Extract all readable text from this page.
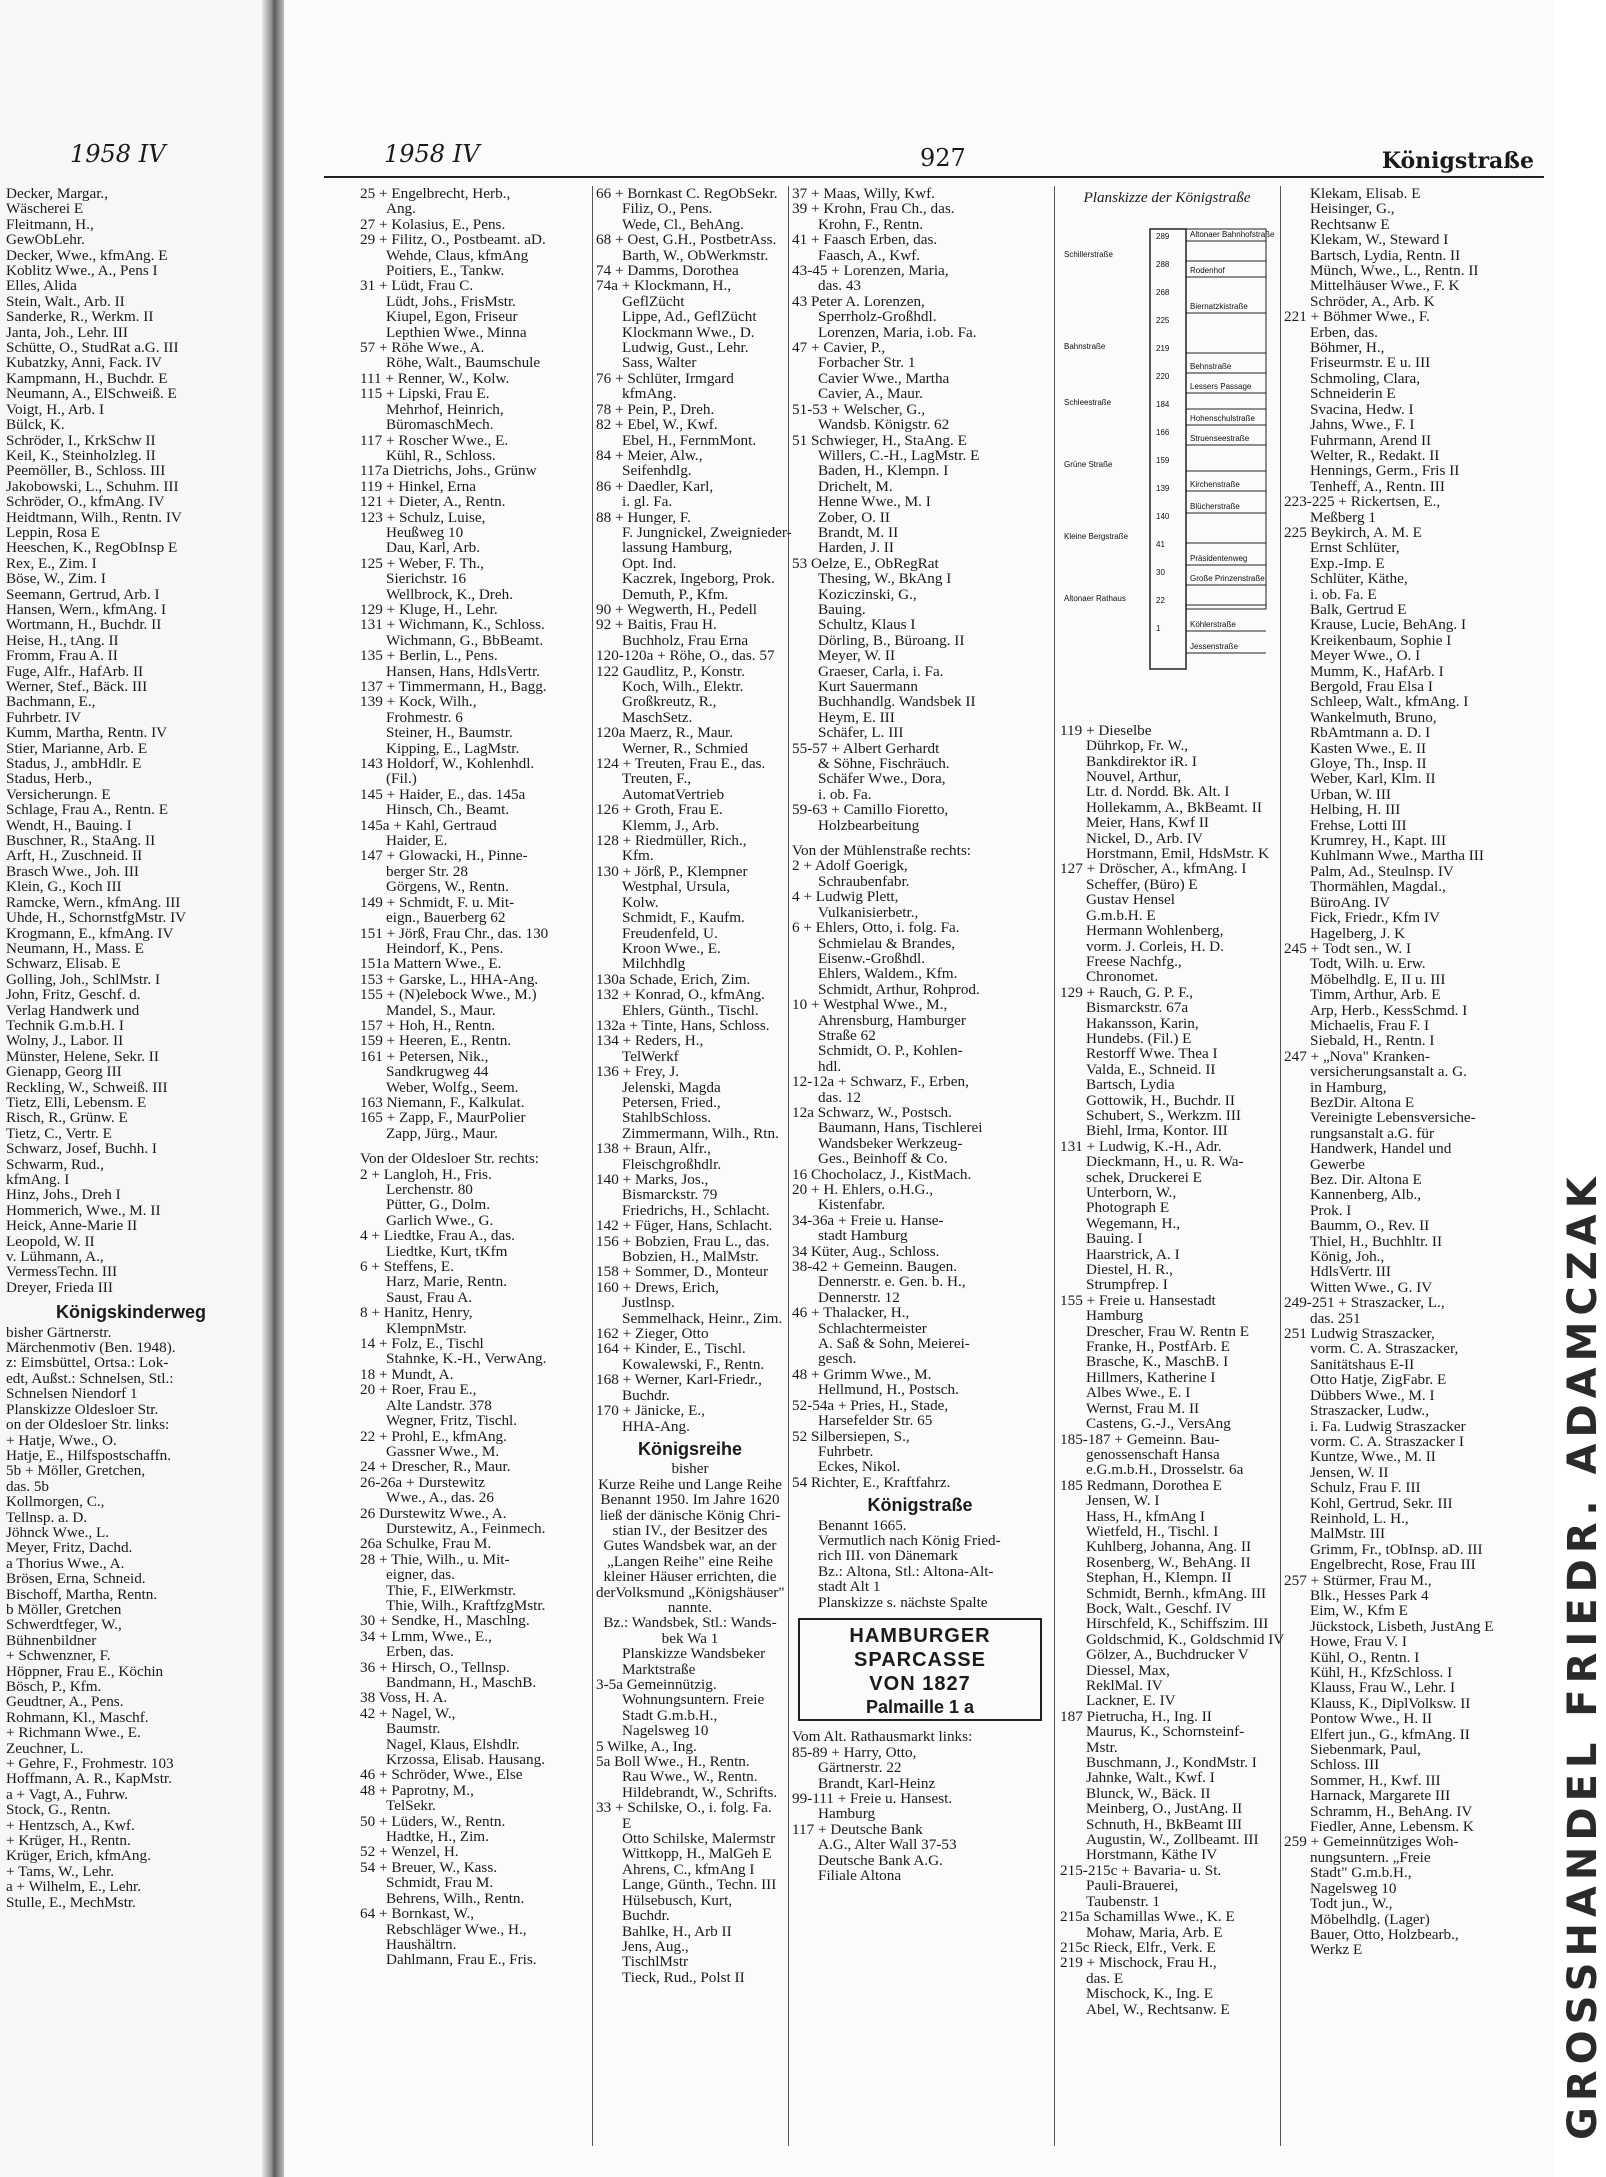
1958 IV
Decker, Margar.,
Wäscherei E
Fleitmann, H.,
GewObLehr.
Decker, Wwe., kfmAng. E
Koblitz Wwe., A., Pens I
Elles, Alida
Stein, Walt., Arb. II
Sanderke, R., Werkm. II
Janta, Joh., Lehr. III
Schütte, O., StudRat a.G. III
Kubatzky, Anni, Fack. IV
Kampmann, H., Buchdr. E
Neumann, A., ElSchweiß. E
Voigt, H., Arb. I
Bülck, K.
Schröder, I., KrkSchw II
Keil, K., Steinholzleg. II
Peemöller, B., Schloss. III
Jakobowski, L., Schuhm. III
Schröder, O., kfmAng. IV
Heidtmann, Wilh., Rentn. IV
Leppin, Rosa E
Heeschen, K., RegObInsp E
Rex, E., Zim. I
Böse, W., Zim. I
Seemann, Gertrud, Arb. I
Hansen, Wern., kfmAng. I
Wortmann, H., Buchdr. II
Heise, H., tAng. II
Fromm, Frau A. II
Fuge, Alfr., HafArb. II
Werner, Stef., Bäck. III
Bachmann, E.,
Fuhrbetr. IV
Kumm, Martha, Rentn. IV
Stier, Marianne, Arb. E
Stadus, J., ambHdlr. E
Stadus, Herb.,
Versicherungn. E
Schlage, Frau A., Rentn. E
Wendt, H., Bauing. I
Buschner, R., StaAng. II
Arft, H., Zuschneid. II
Brasch Wwe., Joh. III
Klein, G., Koch III
Ramcke, Wern., kfmAng. III
Uhde, H., SchornstfgMstr. IV
Krogmann, E., kfmAng. IV
Neumann, H., Mass. E
Schwarz, Elisab. E
Golling, Joh., SchlMstr. I
John, Fritz, Geschf. d.
Verlag Handwerk und
Technik G.m.b.H. I
Wolny, J., Labor. II
Münster, Helene, Sekr. II
Gienapp, Georg III
Reckling, W., Schweiß. III
Tietz, Elli, Lebensm. E
Risch, R., Grünw. E
Tietz, C., Vertr. E
Schwarz, Josef, Buchh. I
Schwarm, Rud.,
kfmAng. I
Hinz, Johs., Dreh I
Hommerich, Wwe., M. II
Heick, Anne-Marie II
Leopold, W. II
v. Lühmann, A.,
VermessTechn. III
Dreyer, Frieda III
Königskinderweg
bisher Gärtnerstr.
Märchenmotiv (Ben. 1948).
z: Eimsbüttel, Ortsa.: Lok-
edt, Außst.: Schnelsen, Stl.:
Schnelsen Niendorf 1
Planskizze Oldesloer Str.
on der Oldesloer Str. links:
+ Hatje, Wwe., O.
Hatje, E., Hilfspostschaffn.
5b + Möller, Gretchen,
das. 5b
Kollmorgen, C.,
Tellnsp. a. D.
Jöhnck Wwe., L.
Meyer, Fritz, Dachd.
a Thorius Wwe., A.
Brösen, Erna, Schneid.
Bischoff, Martha, Rentn.
b Möller, Gretchen
Schwerdtfeger, W.,
Bühnenbildner
+ Schwenzner, F.
Höppner, Frau E., Köchin
Bösch, P., Kfm.
Geudtner, A., Pens.
Rohmann, Kl., Maschf.
+ Richmann Wwe., E.
Zeuchner, L.
+ Gehre, F., Frohmestr. 103
Hoffmann, A. R., KapMstr.
a + Vagt, A., Fuhrw.
Stock, G., Rentn.
+ Hentzsch, A., Kwf.
+ Krüger, H., Rentn.
Krüger, Erich, kfmAng.
+ Tams, W., Lehr.
a + Wilhelm, E., Lehr.
Stulle, E., MechMstr.
1958 IV	927	Königstraße
25 + Engelbrecht, Herb.,
Ang.
27 + Kolasius, E., Pens.
29 + Filitz, O., Postbeamt. aD.
Wehde, Claus, kfmAng
Poitiers, E., Tankw.
31 + Lüdt, Frau C.
Lüdt, Johs., FrisMstr.
Kiupel, Egon, Friseur
Lepthien Wwe., Minna
57 + Röhe Wwe., A.
Röhe, Walt., Baumschule
111 + Renner, W., Kolw.
115 + Lipski, Frau E.
Mehrhof, Heinrich,
BüromaschMech.
117 + Roscher Wwe., E.
Kühl, R., Schloss.
117a Dietrichs, Johs., Grünw
119 + Hinkel, Erna
121 + Dieter, A., Rentn.
123 + Schulz, Luise,
Heußweg 10
Dau, Karl, Arb.
125 + Weber, F. Th.,
Sierichstr. 16
Wellbrock, K., Dreh.
129 + Kluge, H., Lehr.
131 + Wichmann, K., Schloss.
Wichmann, G., BbBeamt.
135 + Berlin, L., Pens.
Hansen, Hans, HdlsVertr.
137 + Timmermann, H., Bagg.
139 + Kock, Wilh.,
Frohmestr. 6
Steiner, H., Baumstr.
Kipping, E., LagMstr.
143 Holdorf, W., Kohlenhdl.
(Fil.)
145 + Haider, E., das. 145a
Hinsch, Ch., Beamt.
145a + Kahl, Gertraud
Haider, E.
147 + Glowacki, H., Pinne-
berger Str. 28
Görgens, W., Rentn.
149 + Schmidt, F. u. Mit-
eign., Bauerberg 62
151 + Jörß, Frau Chr., das. 130
Heindorf, K., Pens.
151a Mattern Wwe., E.
153 + Garske, L., HHA-Ang.
155 + (N)elebock Wwe., M.)
Mandel, S., Maur.
157 + Hoh, H., Rentn.
159 + Heeren, E., Rentn.
161 + Petersen, Nik.,
Sandkrugweg 44
Weber, Wolfg., Seem.
163 Niemann, F., Kalkulat.
165 + Zapp, F., MaurPolier
Zapp, Jürg., Maur.
Von der Oldesloer Str. rechts:
2 + Langloh, H., Fris.
Lerchenstr. 80
Pütter, G., Dolm.
Garlich Wwe., G.
4 + Liedtke, Frau A., das.
Liedtke, Kurt, tKfm
6 + Steffens, E.
Harz, Marie, Rentn.
Saust, Frau A.
8 + Hanitz, Henry,
KlempnMstr.
14 + Folz, E., Tischl
Stahnke, K.-H., VerwAng.
18 + Mundt, A.
20 + Roer, Frau E.,
Alte Landstr. 378
Wegner, Fritz, Tischl.
22 + Prohl, E., kfmAng.
Gassner Wwe., M.
24 + Drescher, R., Maur.
26-26a + Durstewitz
Wwe., A., das. 26
26 Durstewitz Wwe., A.
Durstewitz, A., Feinmech.
26a Schulke, Frau M.
28 + Thie, Wilh., u. Mit-
eigner, das.
Thie, F., ElWerkmstr.
Thie, Wilh., KraftfzgMstr.
30 + Sendke, H., Maschlng.
34 + Lmm, Wwe., E.,
Erben, das.
36 + Hirsch, O., Tellnsp.
Bandmann, H., MaschB.
38 Voss, H. A.
42 + Nagel, W.,
Baumstr.
Nagel, Klaus, Elshdlr.
Krzossa, Elisab. Hausang.
46 + Schröder, Wwe., Else
48 + Paprotny, M.,
TelSekr.
50 + Lüders, W., Rentn.
Hadtke, H., Zim.
52 + Wenzel, H.
54 + Breuer, W., Kass.
Schmidt, Frau M.
Behrens, Wilh., Rentn.
64 + Bornkast, W.,
Rebschläger Wwe., H.,
Haushältrn.
Dahlmann, Frau E., Fris.
66 + Bornkast C. RegObSekr.
Filiz, O., Pens.
Wede, Cl., BehAng.
68 + Oest, G.H., PostbetrAss.
Barth, W., ObWerkmstr.
74 + Damms, Dorothea
74a + Klockmann, H.,
GeflZücht
Lippe, Ad., GeflZücht
Klockmann Wwe., D.
Ludwig, Gust., Lehr.
Sass, Walter
76 + Schlüter, Irmgard
kfmAng.
78 + Pein, P., Dreh.
82 + Ebel, W., Kwf.
Ebel, H., FernmMont.
84 + Meier, Alw.,
Seifenhdlg.
86 + Daedler, Karl,
i. gl. Fa.
88 + Hunger, F.
F. Jungnickel, Zweignieder-
lassung Hamburg,
Opt. Ind.
Kaczrek, Ingeborg, Prok.
Demuth, P., Kfm.
90 + Wegwerth, H., Pedell
92 + Baitis, Frau H.
Buchholz, Frau Erna
120-120a + Röhe, O., das. 57
122 Gaudlitz, P., Konstr.
Koch, Wilh., Elektr.
Großkreutz, R.,
MaschSetz.
120a Maerz, R., Maur.
Werner, R., Schmied
124 + Treuten, Frau E., das.
Treuten, F.,
AutomatVertrieb
126 + Groth, Frau E.
Klemm, J., Arb.
128 + Riedmüller, Rich.,
Kfm.
130 + Jörß, P., Klempner
Westphal, Ursula,
Kolw.
Schmidt, F., Kaufm.
Freudenfeld, U.
Kroon Wwe., E.
Milchhdlg
130a Schade, Erich, Zim.
132 + Konrad, O., kfmAng.
Ehlers, Günth., Tischl.
132a + Tinte, Hans, Schloss.
134 + Reders, H.,
TelWerkf
136 + Frey, J.
Jelenski, Magda
Petersen, Fried.,
StahlbSchloss.
Zimmermann, Wilh., Rtn.
138 + Braun, Alfr.,
Fleischgroßhdlr.
140 + Marks, Jos.,
Bismarckstr. 79
Friedrichs, H., Schlacht.
142 + Füger, Hans, Schlacht.
156 + Bobzien, Frau L., das.
Bobzien, H., MalMstr.
158 + Sommer, D., Monteur
160 + Drews, Erich,
Justlnsp.
Semmelhack, Heinr., Zim.
162 + Zieger, Otto
164 + Kinder, E., Tischl.
Kowalewski, F., Rentn.
168 + Werner, Karl-Friedr.,
Buchdr.
170 + Jänicke, E.,
HHA-Ang.
Königsreihe
bisher
Kurze Reihe und Lange Reihe
Benannt 1950. Im Jahre 1620
ließ der dänische König Chri-
stian IV., der Besitzer des
Gutes Wandsbek war, an der
„Langen Reihe" eine Reihe
kleiner Häuser errichten, die
derVolksmund „Königshäuser"
nannte.
Bz.: Wandsbek, Stl.: Wands-
bek Wa 1
Planskizze Wandsbeker
Marktstraße
3-5a Gemeinnützig.
Wohnungsuntern. Freie
Stadt G.m.b.H.,
Nagelsweg 10
5 Wilke, A., Ing.
5a Boll Wwe., H., Rentn.
Rau Wwe., W., Rentn.
Hildebrandt, W., Schrifts.
33 + Schilske, O., i. folg. Fa.
E
Otto Schilske, Malermstr
Wittkopp, H., MalGeh E
Ahrens, C., kfmAng I
Lange, Günth., Techn. III
Hülsebusch, Kurt,
Buchdr.
Bahlke, H., Arb II
Jens, Aug.,
TischlMstr
Tieck, Rud., Polst II
37 + Maas, Willy, Kwf.
39 + Krohn, Frau Ch., das.
Krohn, F., Rentn.
41 + Faasch Erben, das.
Faasch, A., Kwf.
43-45 + Lorenzen, Maria,
das. 43
43 Peter A. Lorenzen,
Sperrholz-Großhdl.
Lorenzen, Maria, i.ob. Fa.
47 + Cavier, P.,
Forbacher Str. 1
Cavier Wwe., Martha
Cavier, A., Maur.
51-53 + Welscher, G.,
Wandsb. Königstr. 62
51 Schwieger, H., StaAng. E
Willers, C.-H., LagMstr. E
Baden, H., Klempn. I
Drichelt, M.
Henne Wwe., M. I
Zober, O. II
Brandt, M. II
Harden, J. II
53 Oelze, E., ObRegRat
Thesing, W., BkAng I
Koziczinski, G.,
Bauing.
Schultz, Klaus I
Dörling, B., Büroang. II
Meyer, W. II
Graeser, Carla, i. Fa.
Kurt Sauermann
Buchhandlg. Wandsbek II
Heym, E. III
Schäfer, L. III
55-57 + Albert Gerhardt
& Söhne, Fischräuch.
Schäfer Wwe., Dora,
i. ob. Fa.
59-63 + Camillo Fioretto,
Holzbearbeitung
Von der Mühlenstraße rechts:
2 + Adolf Goerigk,
Schraubenfabr.
4 + Ludwig Plett,
Vulkanisierbetr.,
6 + Ehlers, Otto, i. folg. Fa.
Schmielau & Brandes,
Eisenw.-Großhdl.
Ehlers, Waldem., Kfm.
Schmidt, Arthur, Rohprod.
10 + Westphal Wwe., M.,
Ahrensburg, Hamburger
Straße 62
Schmidt, O. P., Kohlen-
hdl.
12-12a + Schwarz, F., Erben,
das. 12
12a Schwarz, W., Postsch.
Baumann, Hans, Tischlerei
Wandsbeker Werkzeug-
Ges., Beinhoff & Co.
16 Chocholacz, J., KistMach.
20 + H. Ehlers, o.H.G.,
Kistenfabr.
34-36a + Freie u. Hanse-
stadt Hamburg
34 Küter, Aug., Schloss.
38-42 + Gemeinn. Baugen.
Dennerstr. e. Gen. b. H.,
Dennerstr. 12
46 + Thalacker, H.,
Schlachtermeister
A. Saß & Sohn, Meierei-
gesch.
48 + Grimm Wwe., M.
Hellmund, H., Postsch.
52-54a + Pries, H., Stade,
Harsefelder Str. 65
52 Silbersiepen, S.,
Fuhrbetr.
Eckes, Nikol.
54 Richter, E., Kraftfahrz.
Königstraße
Benannt 1665.
Vermutlich nach König Fried-
rich III. von Dänemark
Bz.: Altona, Stl.: Altona-Alt-
stadt Alt 1
Planskizze s. nächste Spalte
HAMBURGER
SPARCASSE
VON 1827
Palmaille 1 a
Vom Alt. Rathausmarkt links:
85-89 + Harry, Otto,
Gärtnerstr. 22
Brandt, Karl-Heinz
99-111 + Freie u. Hansest.
Hamburg
117 + Deutsche Bank
A.G., Alter Wall 37-53
Deutsche Bank A.G.
Filiale Altona
Planskizze der Königstraße
Altonaer Bahnhofstraße
Schillerstraße
Rodenhof
Biernatzkistraße
Bahnstraße
Behnstraße
Lessers Passage
Schleestraße
Hohenschulstraße
Struenseestraße
Grüne Straße
Kirchenstraße
Blücherstraße
Kleine Bergstraße
Präsidentenweg
Große Prinzenstraße
Altonaer Rathaus
Köhlerstraße
Jessenstraße
289
288
268
225
219
220
184
166
159
139
140
41
30
22
1
119 + Dieselbe
Dührkop, Fr. W.,
Bankdirektor iR. I
Nouvel, Arthur,
Ltr. d. Nordd. Bk. Alt. I
Hollekamm, A., BkBeamt. II
Meier, Hans, Kwf II
Nickel, D., Arb. IV
Horstmann, Emil, HdsMstr. K
127 + Dröscher, A., kfmAng. I
Scheffer, (Büro) E
Gustav Hensel
G.m.b.H. E
Hermann Wohlenberg,
vorm. J. Corleis, H. D.
Freese Nachfg.,
Chronomet.
129 + Rauch, G. P. F.,
Bismarckstr. 67a
Hakansson, Karin,
Hundebs. (Fil.) E
Restorff Wwe. Thea I
Valda, E., Schneid. II
Bartsch, Lydia
Gottowik, H., Buchdr. II
Schubert, S., Werkzm. III
Biehl, Irma, Kontor. III
131 + Ludwig, K.-H., Adr.
Dieckmann, H., u. R. Wa-
schek, Druckerei E
Unterborn, W.,
Photograph E
Wegemann, H.,
Bauing. I
Haarstrick, A. I
Diestel, H. R.,
Strumpfrep. I
155 + Freie u. Hansestadt
Hamburg
Drescher, Frau W. Rentn E
Franke, H., PostfArb. E
Brasche, K., MaschB. I
Hillmers, Katherine I
Albes Wwe., E. I
Wernst, Frau M. II
Castens, G.-J., VersAng
185-187 + Gemeinn. Bau-
genossenschaft Hansa
e.G.m.b.H., Drosselstr. 6a
185 Redmann, Dorothea E
Jensen, W. I
Hass, H., kfmAng I
Wietfeld, H., Tischl. I
Kuhlberg, Johanna, Ang. II
Rosenberg, W., BehAng. II
Stephan, H., Klempn. II
Schmidt, Bernh., kfmAng. III
Bock, Walt., Geschf. IV
Hirschfeld, K., Schiffszim. III
Goldschmid, K., Goldschmid IV
Gölzer, A., Buchdrucker V
Diessel, Max,
ReklMal. IV
Lackner, E. IV
187 Pietrucha, H., Ing. II
Maurus, K., Schornsteinf-
Mstr.
Buschmann, J., KondMstr. I
Jahnke, Walt., Kwf. I
Blunck, W., Bäck. II
Meinberg, O., JustAng. II
Schnuth, H., BkBeamt III
Augustin, W., Zollbeamt. III
Horstmann, Käthe IV
215-215c + Bavaria- u. St.
Pauli-Brauerei,
Taubenstr. 1
215a Schamillas Wwe., K. E
Mohaw, Maria, Arb. E
215c Rieck, Elfr., Verk. E
219 + Mischock, Frau H.,
das. E
Mischock, K., Ing. E
Abel, W., Rechtsanw. E
Klekam, Elisab. E
Heisinger, G.,
Rechtsanw E
Klekam, W., Steward I
Bartsch, Lydia, Rentn. II
Münch, Wwe., L., Rentn. II
Mittelhäuser Wwe., F. K
Schröder, A., Arb. K
221 + Böhmer Wwe., F.
Erben, das.
Böhmer, H.,
Friseurmstr. E u. III
Schmoling, Clara,
Schneiderin E
Svacina, Hedw. I
Jahns, Wwe., F. I
Fuhrmann, Arend II
Welter, R., Redakt. II
Hennings, Germ., Fris II
Tenheff, A., Rentn. III
223-225 + Rickertsen, E.,
Meßberg 1
225 Beykirch, A. M. E
Ernst Schlüter,
Exp.-Imp. E
Schlüter, Käthe,
i. ob. Fa. E
Balk, Gertrud E
Krause, Lucie, BehAng. I
Kreikenbaum, Sophie I
Meyer Wwe., O. I
Mumm, K., HafArb. I
Bergold, Frau Elsa I
Schleep, Walt., kfmAng. I
Wankelmuth, Bruno,
RbAmtmann a. D. I
Kasten Wwe., E. II
Gloye, Th., Insp. II
Weber, Karl, Klm. II
Urban, W. III
Helbing, H. III
Frehse, Lotti III
Krumrey, H., Kapt. III
Kuhlmann Wwe., Martha III
Palm, Ad., Steulnsp. IV
Thormählen, Magdal.,
BüroAng. IV
Fick, Friedr., Kfm IV
Hagelberg, J. K
245 + Todt sen., W. I
Todt, Wilh. u. Erw.
Möbelhdlg. E, II u. III
Timm, Arthur, Arb. E
Arp, Herb., KessSchmd. I
Michaelis, Frau F. I
Siebald, H., Rentn. I
247 + „Nova" Kranken-
versicherungsanstalt a. G.
in Hamburg,
BezDir. Altona E
Vereinigte Lebensversiche-
rungsanstalt a.G. für
Handwerk, Handel und
Gewerbe
Bez. Dir. Altona E
Kannenberg, Alb.,
Prok. I
Baumm, O., Rev. II
Thiel, H., Buchhltr. II
König, Joh.,
HdlsVertr. III
Witten Wwe., G. IV
249-251 + Straszacker, L.,
das. 251
251 Ludwig Straszacker,
vorm. C. A. Straszacker,
Sanitätshaus E-II
Otto Hatje, ZigFabr. E
Dübbers Wwe., M. I
Straszacker, Ludw.,
i. Fa. Ludwig Straszacker
vorm. C. A. Straszacker I
Kuntze, Wwe., M. II
Jensen, W. II
Schulz, Frau F. III
Kohl, Gertrud, Sekr. III
Reinhold, L. H.,
MalMstr. III
Grimm, Fr., tObInsp. aD. III
Engelbrecht, Rose, Frau III
257 + Stürmer, Frau M.,
Blk., Hesses Park 4
Eim, W., Kfm E
Jückstock, Lisbeth, JustAng E
Howe, Frau V. I
Kühl, O., Rentn. I
Kühl, H., KfzSchloss. I
Klauss, Frau W., Lehr. I
Klauss, K., DiplVolksw. II
Pontow Wwe., H. II
Elfert jun., G., kfmAng. II
Siebenmark, Paul,
Schloss. III
Sommer, H., Kwf. III
Harnack, Margarete III
Schramm, H., BehAng. IV
Fiedler, Anne, Lebensm. K
259 + Gemeinnütziges Woh-
nungsuntern. „Freie
Stadt" G.m.b.H.,
Nagelsweg 10
Todt jun., W.,
Möbelhdlg. (Lager)
Bauer, Otto, Holzbearb.,
Werkz E	GROSSHANDEL FRIEDR. ADAMCZAK
